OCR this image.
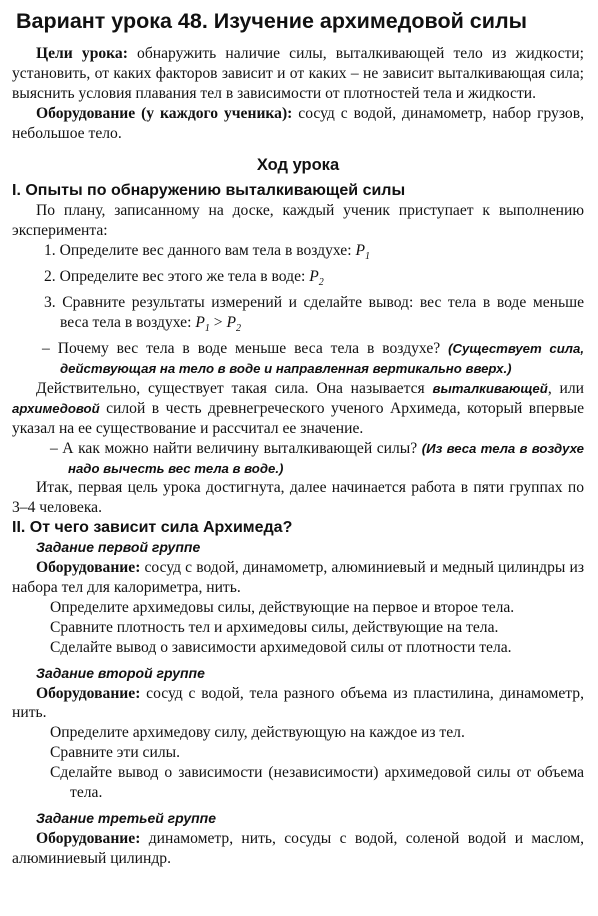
Вариант урока 48. Изучение архимедовой силы

Цели урока: обнаружить наличие силы, выталкивающей тело из жидкости; установить, от каких факторов зависит и от каких – не зависит выталкивающая сила; выяснить условия плавания тел в зависимости от плотностей тела и жидкости.

Оборудование (у каждого ученика): сосуд с водой, динамометр, набор грузов, небольшое тело.

Ход урока
I. Опыты по обнаружению выталкивающей силы

По плану, записанному на доске, каждый ученик приступает к выполнению эксперимента:

1. Определите вес данного вам тела в воздухе: $P_1$
2. Определите вес этого же тела в воде: $P_2$
3. Сравните результаты измерений и сделайте вывод: вес тела в воде меньше веса тела в воздухе: $P_1 > P_2$

– Почему вес тела в воде меньше веса тела в воздухе? (Существует сила, действующая на тело в воде и направленная вертикально вверх.)

Действительно, существует такая сила. Она называется выталкивающей, или архимедовой силой в честь древнегреческого ученого Архимеда, который впервые указал на ее существование и рассчитал ее значение.

– А как можно найти величину выталкивающей силы? (Из веса тела в воздухе надо вычесть вес тела в воде.)

Итак, первая цель урока достигнута, далее начинается работа в пяти группах по 3–4 человека.

II. От чего зависит сила Архимеда?
Задание первой группе

Оборудование: сосуд с водой, динамометр, алюминиевый и медный цилиндры из набора тел для калориметра, нить.

Определите архимедовы силы, действующие на первое и второе тела.

Сравните плотность тел и архимедовы силы, действующие на тела.

Сделайте вывод о зависимости архимедовой силы от плотности тела.

Задание второй группе

Оборудование: сосуд с водой, тела разного объема из пластилина, динамометр, нить.

Определите архимедову силу, действующую на каждое из тел.

Сравните эти силы.

Сделайте вывод о зависимости (независимости) архимедовой силы от объема тела.

Задание третьей группе

Оборудование: динамометр, нить, сосуды с водой, соленой водой и маслом, алюминиевый цилиндр.
